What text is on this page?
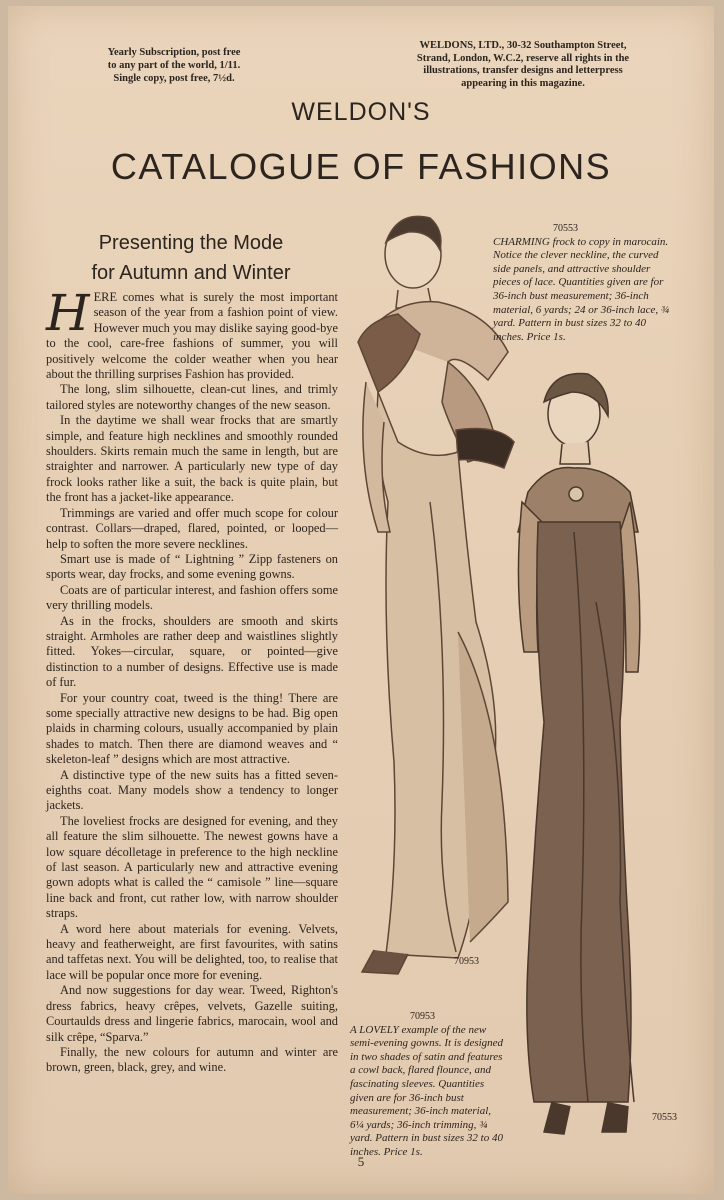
Yearly Subscription, post free
to any part of the world, 1/11.
Single copy, post free, 7½d.
WELDONS, LTD., 30-32 Southampton Street,
Strand, London, W.C.2, reserve all rights in the
illustrations, transfer designs and letterpress
appearing in this magazine.
WELDON'S
CATALOGUE OF FASHIONS
Presenting the Mode
for Autumn and Winter

HERE comes what is surely the most important season of the year from a fashion point of view. However much you may dislike saying good-bye to the cool, care-free fashions of summer, you will positively welcome the colder weather when you hear about the thrilling surprises Fashion has provided.

The long, slim silhouette, clean-cut lines, and trimly tailored styles are noteworthy changes of the new season.

In the daytime we shall wear frocks that are smartly simple, and feature high necklines and smoothly rounded shoulders. Skirts remain much the same in length, but are straighter and narrower. A particularly new type of day frock looks rather like a suit, the back is quite plain, but the front has a jacket-like appearance.

Trimmings are varied and offer much scope for colour contrast. Collars—draped, flared, pointed, or looped—help to soften the more severe necklines.

Smart use is made of “ Lightning ” Zipp fasteners on sports wear, day frocks, and some evening gowns.

Coats are of particular interest, and fashion offers some very thrilling models.

As in the frocks, shoulders are smooth and skirts straight. Armholes are rather deep and waistlines slightly fitted. Yokes—circular, square, or pointed—give distinction to a number of designs. Effective use is made of fur.

For your country coat, tweed is the thing! There are some specially attractive new designs to be had. Big open plaids in charming colours, usually accompanied by plain shades to match. Then there are diamond weaves and “ skeleton-leaf ” designs which are most attractive.

A distinctive type of the new suits has a fitted seven-eighths coat. Many models show a tendency to longer jackets.

The loveliest frocks are designed for evening, and they all feature the slim silhouette. The newest gowns have a low square décolletage in preference to the high neckline of last season. A particularly new and attractive evening gown adopts what is called the “ camisole ” line—square line back and front, cut rather low, with narrow shoulder straps.

A word here about materials for evening. Velvets, heavy and featherweight, are first favourites, with satins and taffetas next. You will be delighted, too, to realise that lace will be popular once more for evening.

And now suggestions for day wear. Tweed, Righton's dress fabrics, heavy crêpes, velvets, Gazelle suiting, Courtaulds dress and lingerie fabrics, marocain, wool and silk crêpe, “Sparva.”

Finally, the new colours for autumn and winter are brown, green, black, grey, and wine.

70553
CHARMING frock to copy in marocain. Notice the clever neckline, the curved side panels, and attractive shoulder pieces of lace. Quantities given are for 36-inch bust measurement; 36-inch material, 6 yards; 24 or 36-inch lace, ¾ yard. Pattern in bust sizes 32 to 40 inches. Price 1s.
70953
A LOVELY example of the new semi-evening gowns. It is designed in two shades of satin and features a cowl back, flared flounce, and fascinating sleeves. Quantities given are for 36-inch bust measurement; 36-inch material, 6¼ yards; 36-inch trimming, ¾ yard. Pattern in bust sizes 32 to 40 inches. Price 1s.
70953
70553
5
